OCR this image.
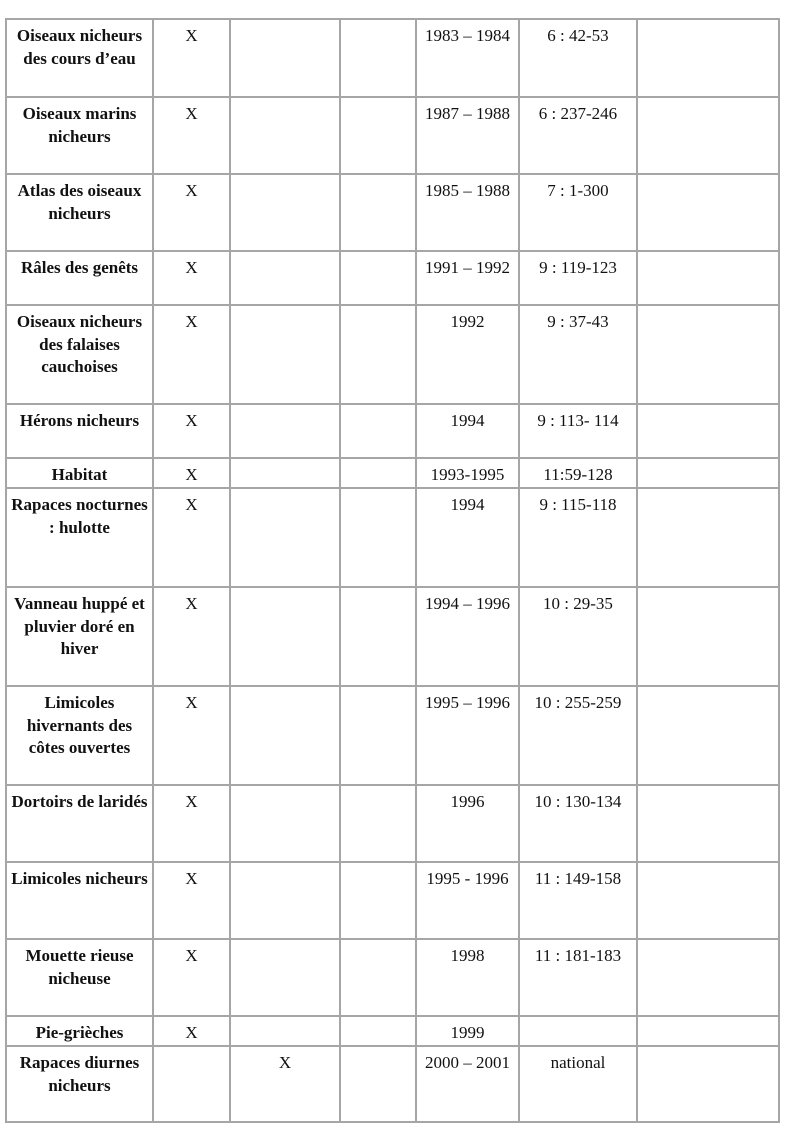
Oiseaux nicheurs des cours d’eau	X			1983 – 1984	6 : 42-53	
Oiseaux marins nicheurs	X			1987 – 1988	6 : 237-246	
Atlas des oiseaux nicheurs	X			1985 – 1988	7 : 1-300	
Râles des genêts	X			1991 – 1992	9 : 119-123	
Oiseaux nicheurs des falaises cauchoises	X			1992	9 : 37-43	
Hérons nicheurs	X			1994	9 : 113- 114	
Habitat	X			1993-1995	11:59-128	
Rapaces nocturnes : hulotte	X			1994	9 : 115-118	
Vanneau huppé et pluvier doré en hiver	X			1994 – 1996	10 : 29-35	
Limicoles hivernants des côtes ouvertes	X			1995 – 1996	10 : 255-259	
Dortoirs de laridés	X			1996	10 : 130-134	
Limicoles nicheurs	X			1995 - 1996	11 : 149-158	
Mouette rieuse nicheuse	X			1998	11 : 181-183	
Pie-grièches	X			1999		
Rapaces diurnes nicheurs		X		2000 – 2001	national	
